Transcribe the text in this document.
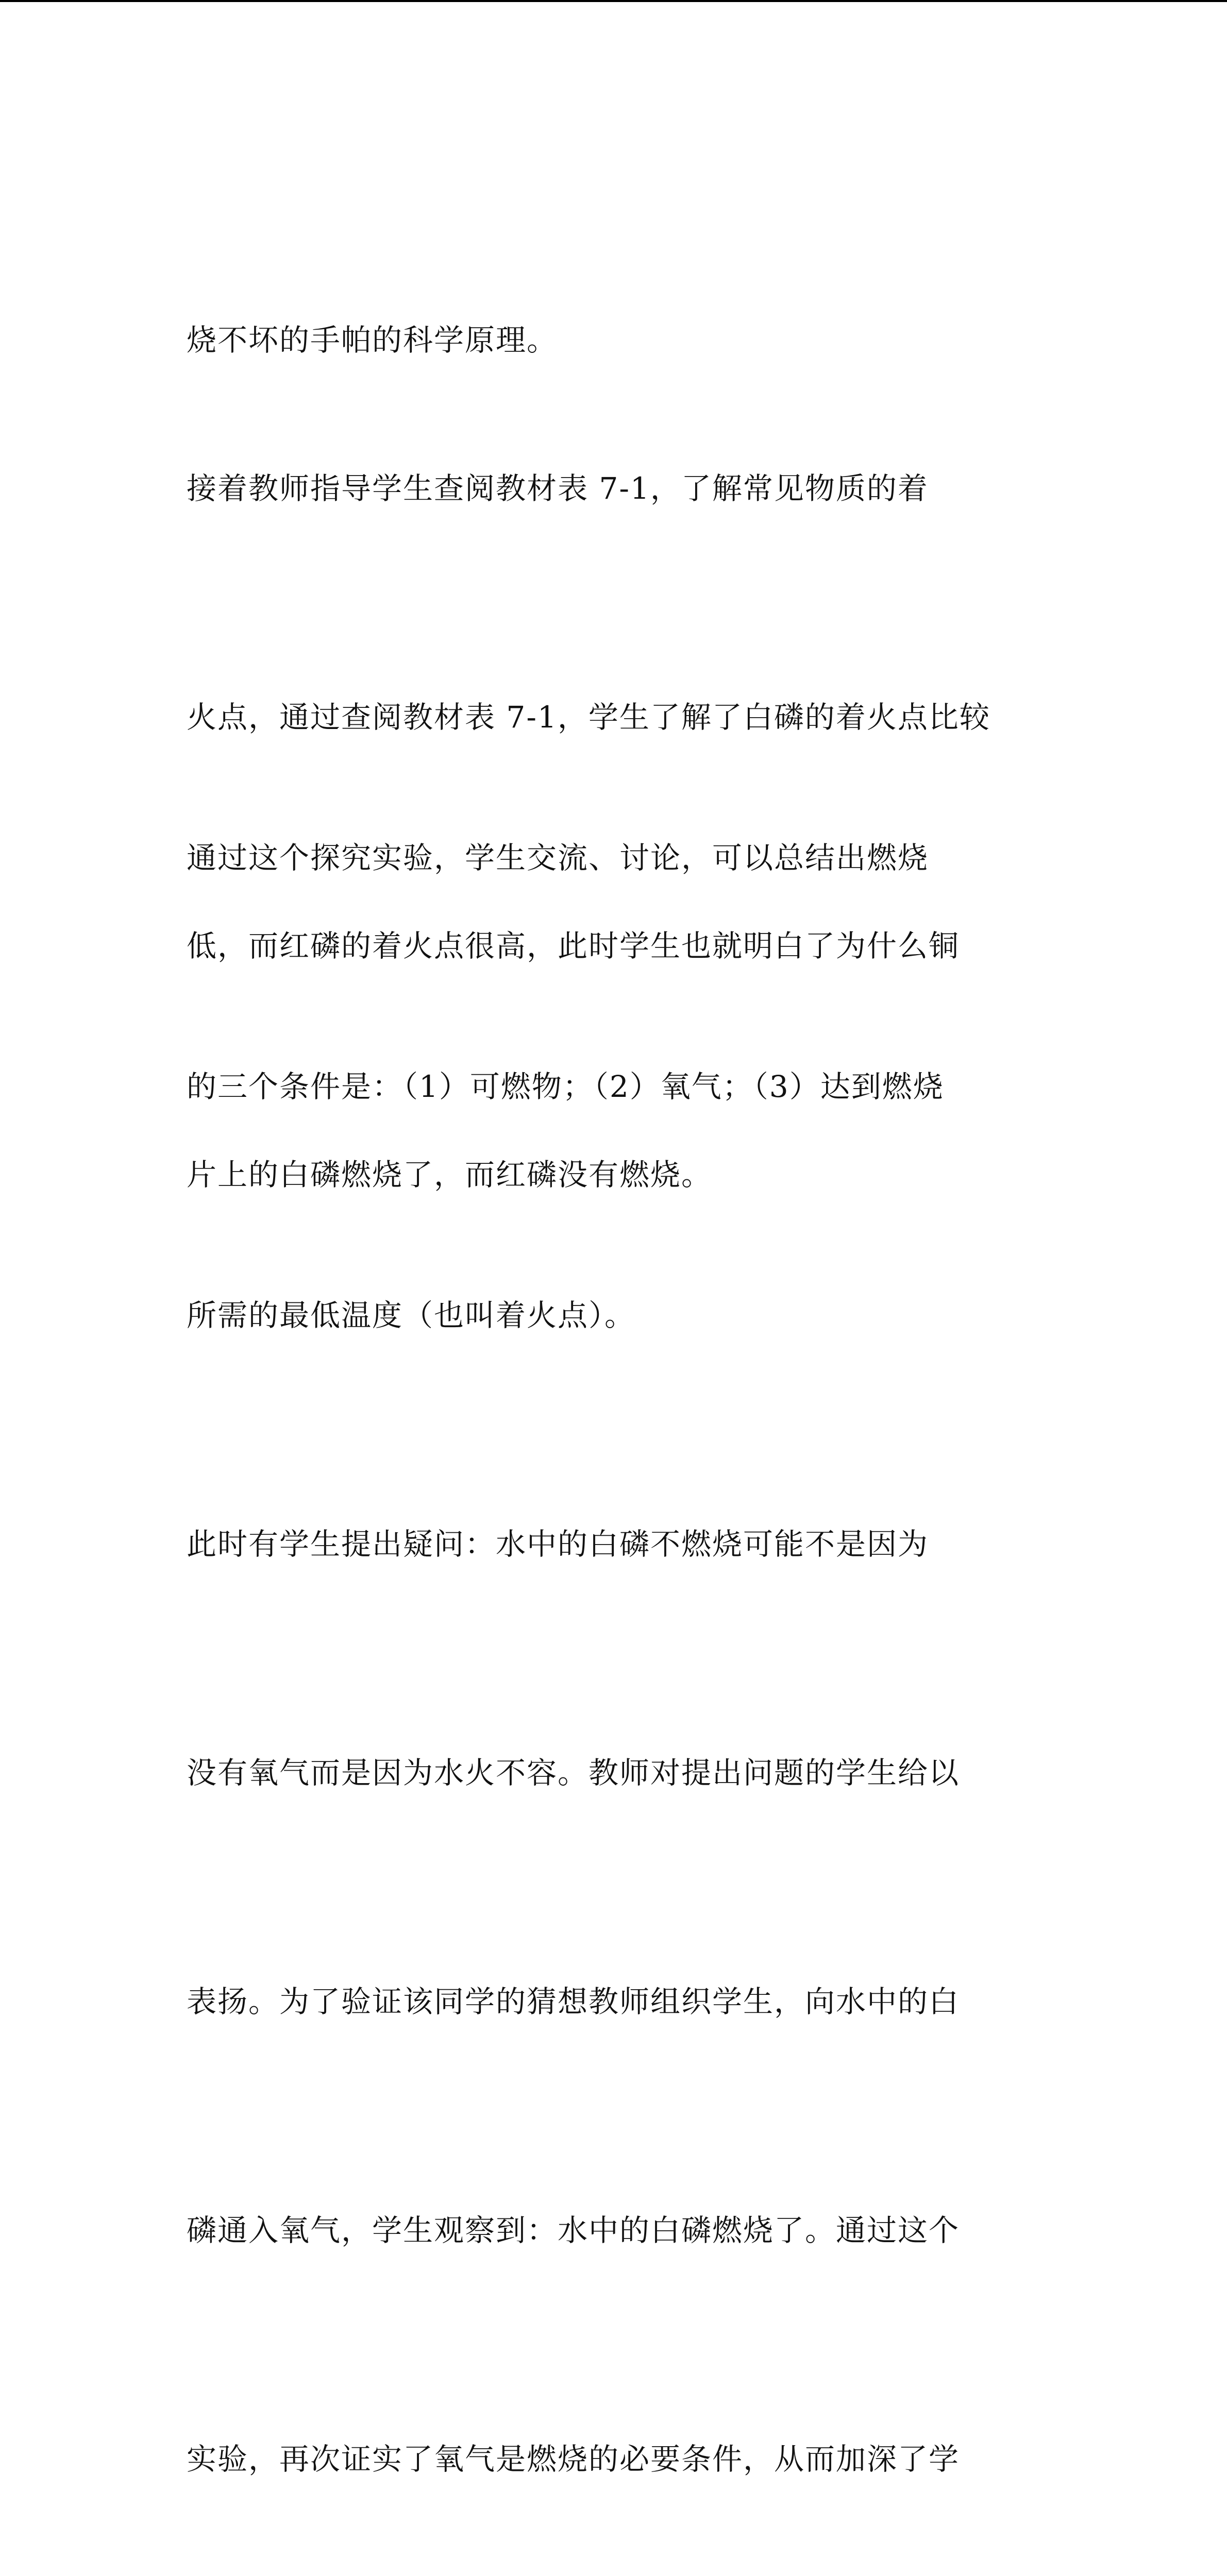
烧不坏的手帕的科学原理。

接着教师指导学生查阅教材表 7-1，了解常见物质的着

火点，通过查阅教材表 7-1，学生了解了白磷的着火点比较

低，而红磷的着火点很高，此时学生也就明白了为什么铜

片上的白磷燃烧了，而红磷没有燃烧。

通过这个探究实验，学生交流、讨论，可以总结出燃烧

的三个条件是：（1）可燃物；（2）氧气；（3）达到燃烧

所需的最低温度（也叫着火点）。

此时有学生提出疑问：水中的白磷不燃烧可能不是因为

没有氧气而是因为水火不容。教师对提出问题的学生给以

表扬。为了验证该同学的猜想教师组织学生，向水中的白

磷通入氧气，学生观察到：水中的白磷燃烧了。通过这个

实验，再次证实了氧气是燃烧的必要条件，从而加深了学
